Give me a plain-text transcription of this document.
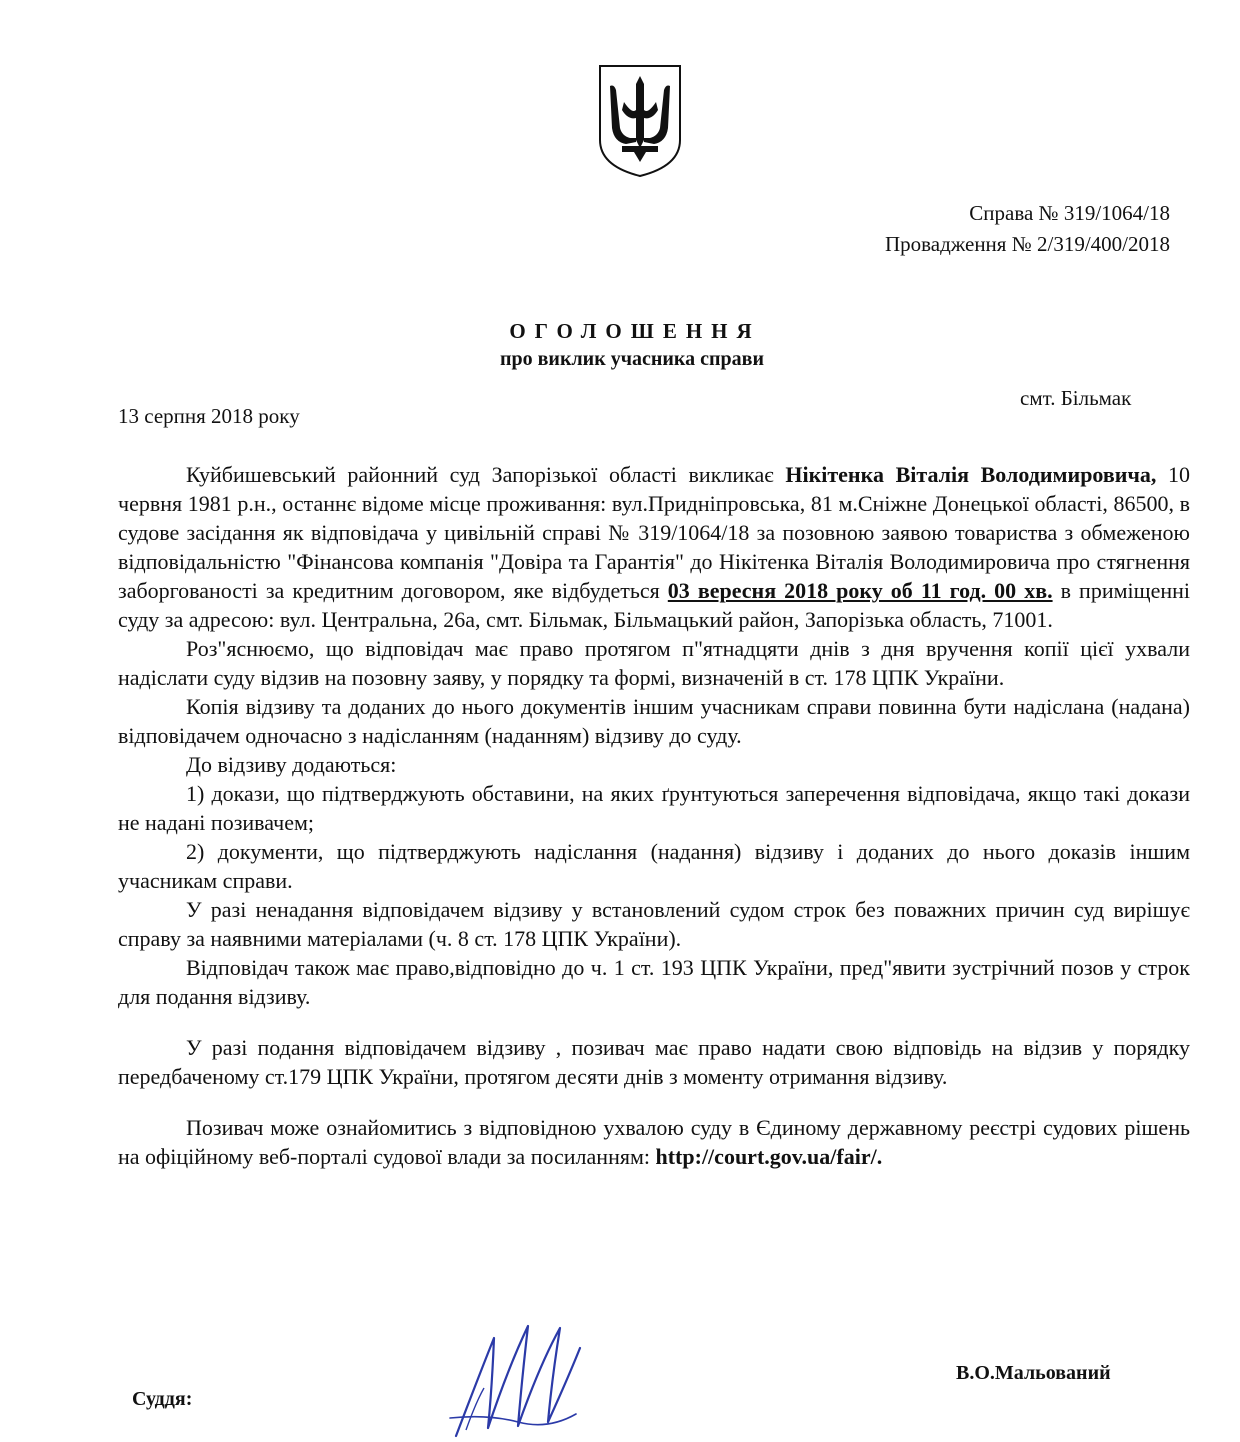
Справа № 319/1064/18
Провадження № 2/319/400/2018
ОГОЛОШЕННЯ
про виклик учасника справи
смт. Більмак
13 серпня 2018 року

Куйбишевський районний суд Запорізької області викликає Нікітенка Віталія Володимировича, 10 червня 1981 р.н., останнє відоме місце проживання: вул.Придніпровська, 81 м.Сніжне Донецької області, 86500, в судове засідання як відповідача у цивільній справі № 319/1064/18 за позовною заявою товариства з обмеженою відповідальністю "Фінансова компанія "Довіра та Гарантія" до Нікітенка Віталія Володимировича про стягнення заборгованості за кредитним договором, яке відбудеться 03 вересня 2018 року об 11 год. 00 хв. в приміщенні суду за адресою: вул. Центральна, 26а, смт. Більмак, Більмацький район, Запорізька область, 71001.

Роз"яснюємо, що відповідач має право протягом п"ятнадцяти днів з дня вручення копії цієї ухвали надіслати суду відзив на позовну заяву, у порядку та формі, визначеній в ст. 178 ЦПК України.

Копія відзиву та доданих до нього документів іншим учасникам справи повинна бути надіслана (надана) відповідачем одночасно з надісланням (наданням) відзиву до суду.

До відзиву додаються:

1) докази, що підтверджують обставини, на яких ґрунтуються заперечення відповідача, якщо такі докази не надані позивачем;

2) документи, що підтверджують надіслання (надання) відзиву і доданих до нього доказів іншим учасникам справи.

У разі ненадання відповідачем відзиву у встановлений судом строк без поважних причин суд вирішує справу за наявними матеріалами (ч. 8 ст. 178 ЦПК України).

Відповідач також має право,відповідно до ч. 1 ст. 193 ЦПК України, пред"явити зустрічний позов у строк для подання відзиву.

У разі подання відповідачем відзиву , позивач має право надати свою відповідь на відзив у порядку передбаченому ст.179 ЦПК України, протягом десяти днів з моменту отримання відзиву.

Позивач може ознайомитись з відповідною ухвалою суду в Єдиному державному реєстрі судових рішень на офіційному веб-порталі судової влади за посиланням: http://court.gov.ua/fair/.

В.О.Мальований
Суддя:
